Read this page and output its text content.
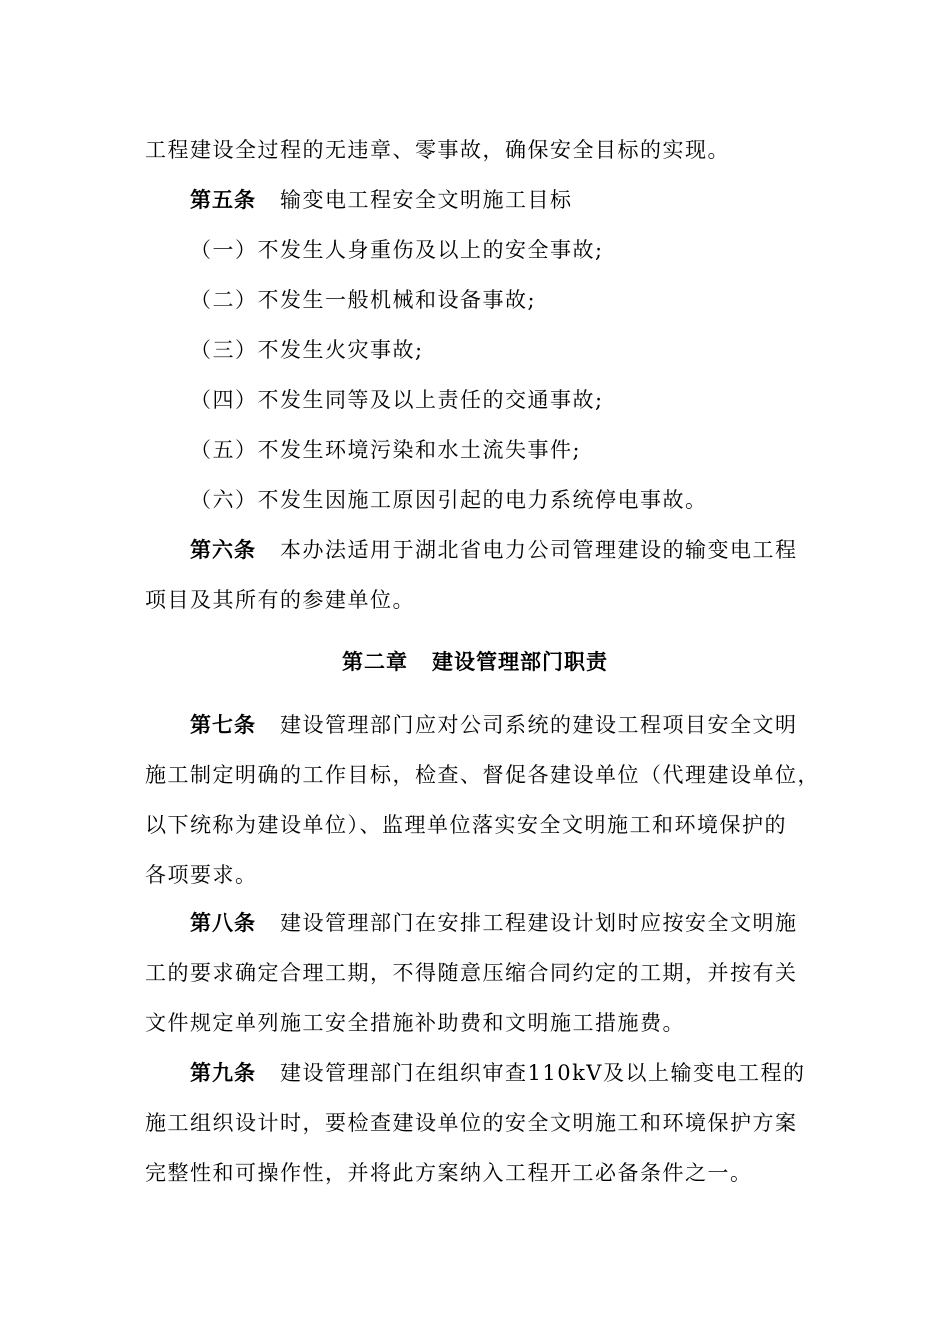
工程建设全过程的无违章、零事故，确保安全目标的实现。
第五条 输变电工程安全文明施工目标
（一）不发生人身重伤及以上的安全事故;
（二）不发生一般机械和设备事故;
（三）不发生火灾事故;
（四）不发生同等及以上责任的交通事故;
（五）不发生环境污染和水土流失事件;
（六）不发生因施工原因引起的电力系统停电事故。
第六条 本办法适用于湖北省电力公司管理建设的输变电工程
项目及其所有的参建单位。
第二章 建设管理部门职责
第七条 建设管理部门应对公司系统的建设工程项目安全文明
施工制定明确的工作目标，检查、督促各建设单位（代理建设单位，
以下统称为建设单位）、监理单位落实安全文明施工和环境保护的
各项要求。
第八条 建设管理部门在安排工程建设计划时应按安全文明施
工的要求确定合理工期，不得随意压缩合同约定的工期，并按有关
文件规定单列施工安全措施补助费和文明施工措施费。
第九条 建设管理部门在组织审查110kV及以上输变电工程的
施工组织设计时，要检查建设单位的安全文明施工和环境保护方案
完整性和可操作性，并将此方案纳入工程开工必备条件之一。
